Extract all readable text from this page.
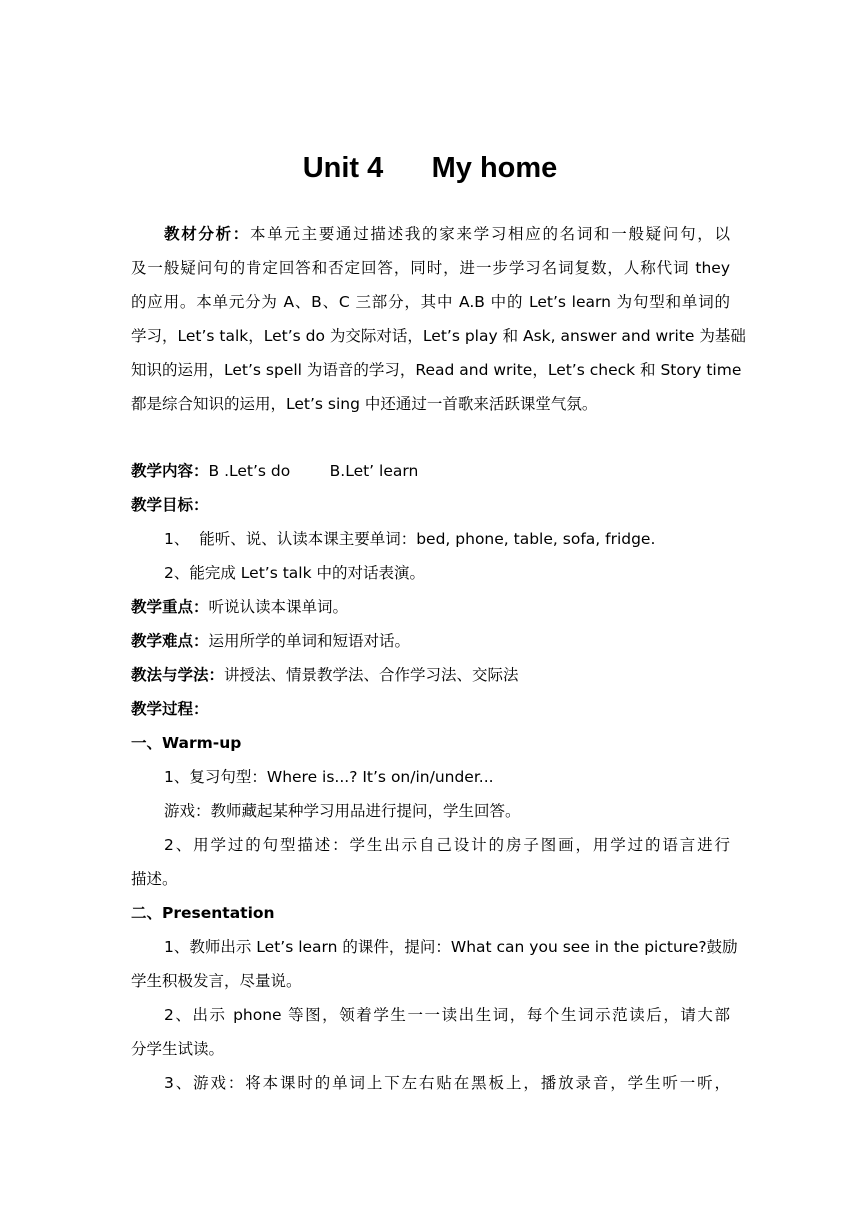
Unit 4      My home
教材分析：本单元主要通过描述我的家来学习相应的名词和一般疑问句，以
及一般疑问句的肯定回答和否定回答，同时，进一步学习名词复数，人称代词 they
的应用。本单元分为 A、B、C 三部分，其中 A.B 中的 Let’s learn 为句型和单词的
学习，Let’s talk，Let’s do 为交际对话，Let’s play 和 Ask, answer and write 为基础
知识的运用，Let’s spell 为语音的学习，Read and write，Let’s check 和 Story time
都是综合知识的运用，Let’s sing 中还通过一首歌来活跃课堂气氛。
教学内容：B .Let’s do        B.Let’ learn
教学目标：
1、  能听、说、认读本课主要单词：bed, phone, table, sofa, fridge.
2、能完成 Let’s talk 中的对话表演。
教学重点：听说认读本课单词。
教学难点：运用所学的单词和短语对话。
教法与学法：讲授法、情景教学法、合作学习法、交际法
教学过程：
一、Warm-up
1、复习句型：Where is...? It’s on/in/under...
游戏：教师藏起某种学习用品进行提问，学生回答。
2、用学过的句型描述：学生出示自己设计的房子图画，用学过的语言进行
描述。
二、Presentation
1、教师出示 Let’s learn 的课件，提问：What can you see in the picture?鼓励
学生积极发言，尽量说。
2、出示 phone 等图，领着学生一一读出生词，每个生词示范读后，请大部
分学生试读。
3、游戏：将本课时的单词上下左右贴在黑板上，播放录音，学生听一听，
